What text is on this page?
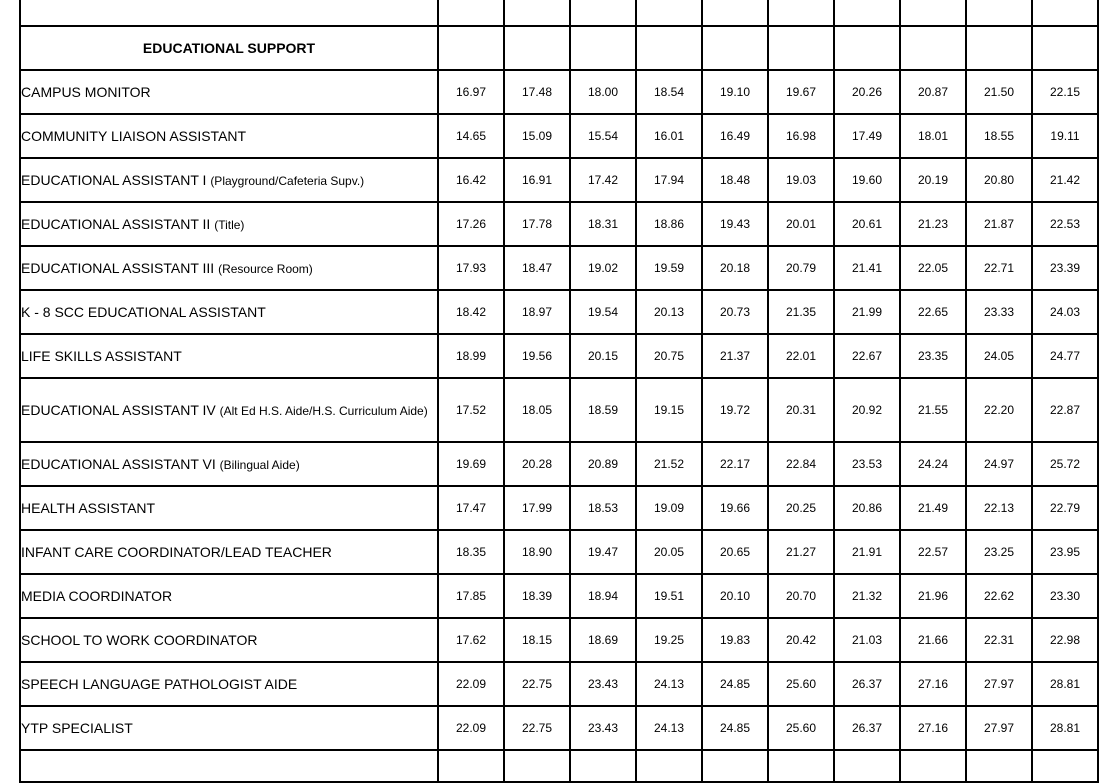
EDUCATIONAL SUPPORT										
CAMPUS MONITOR	16.97	17.48	18.00	18.54	19.10	19.67	20.26	20.87	21.50	22.15
COMMUNITY LIAISON ASSISTANT	14.65	15.09	15.54	16.01	16.49	16.98	17.49	18.01	18.55	19.11
EDUCATIONAL ASSISTANT I (Playground/Cafeteria Supv.)	16.42	16.91	17.42	17.94	18.48	19.03	19.60	20.19	20.80	21.42
EDUCATIONAL ASSISTANT II (Title)	17.26	17.78	18.31	18.86	19.43	20.01	20.61	21.23	21.87	22.53
EDUCATIONAL ASSISTANT III (Resource Room)	17.93	18.47	19.02	19.59	20.18	20.79	21.41	22.05	22.71	23.39
K - 8 SCC EDUCATIONAL ASSISTANT	18.42	18.97	19.54	20.13	20.73	21.35	21.99	22.65	23.33	24.03
LIFE SKILLS ASSISTANT	18.99	19.56	20.15	20.75	21.37	22.01	22.67	23.35	24.05	24.77
EDUCATIONAL ASSISTANT IV (Alt Ed H.S. Aide/H.S. Curriculum Aide)	17.52	18.05	18.59	19.15	19.72	20.31	20.92	21.55	22.20	22.87
EDUCATIONAL ASSISTANT VI (Bilingual Aide)	19.69	20.28	20.89	21.52	22.17	22.84	23.53	24.24	24.97	25.72
HEALTH ASSISTANT	17.47	17.99	18.53	19.09	19.66	20.25	20.86	21.49	22.13	22.79
INFANT CARE COORDINATOR/LEAD TEACHER	18.35	18.90	19.47	20.05	20.65	21.27	21.91	22.57	23.25	23.95
MEDIA COORDINATOR	17.85	18.39	18.94	19.51	20.10	20.70	21.32	21.96	22.62	23.30
SCHOOL TO WORK COORDINATOR	17.62	18.15	18.69	19.25	19.83	20.42	21.03	21.66	22.31	22.98
SPEECH LANGUAGE PATHOLOGIST AIDE	22.09	22.75	23.43	24.13	24.85	25.60	26.37	27.16	27.97	28.81
YTP SPECIALIST	22.09	22.75	23.43	24.13	24.85	25.60	26.37	27.16	27.97	28.81
